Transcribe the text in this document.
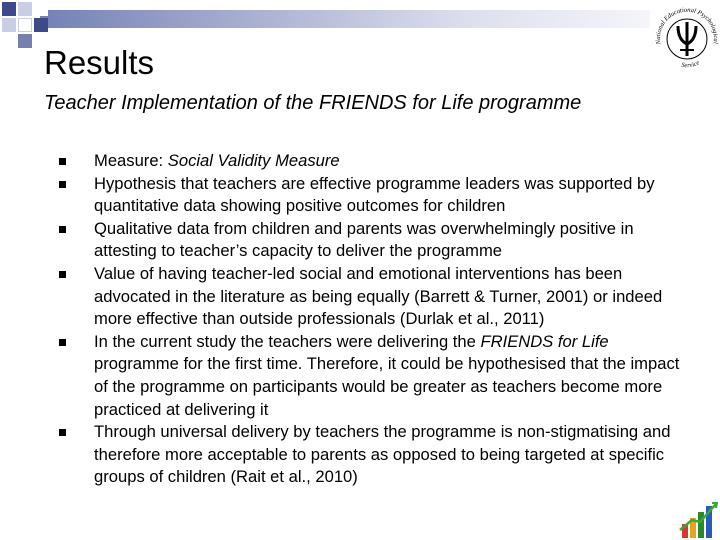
National Educational Psychological
Service
Results
Teacher Implementation of the FRIENDS for Life programme
Measure: Social Validity Measure
Hypothesis that teachers are effective programme leaders was supported by quantitative data showing positive outcomes for children
Qualitative data from children and parents was overwhelmingly positive in attesting to teacher’s capacity to deliver the programme
Value of having teacher-led social and emotional interventions has been advocated in the literature as being equally (Barrett & Turner, 2001) or indeed more effective than outside professionals (Durlak et al., 2011)
In the current study the teachers were delivering the FRIENDS for Life programme for the first time. Therefore, it could be hypothesised that the impact of the programme on participants would be greater as teachers become more practiced at delivering it
Through universal delivery by teachers the programme is non-stigmatising and therefore more acceptable to parents as opposed to being targeted at specific groups of children (Rait et al., 2010)
